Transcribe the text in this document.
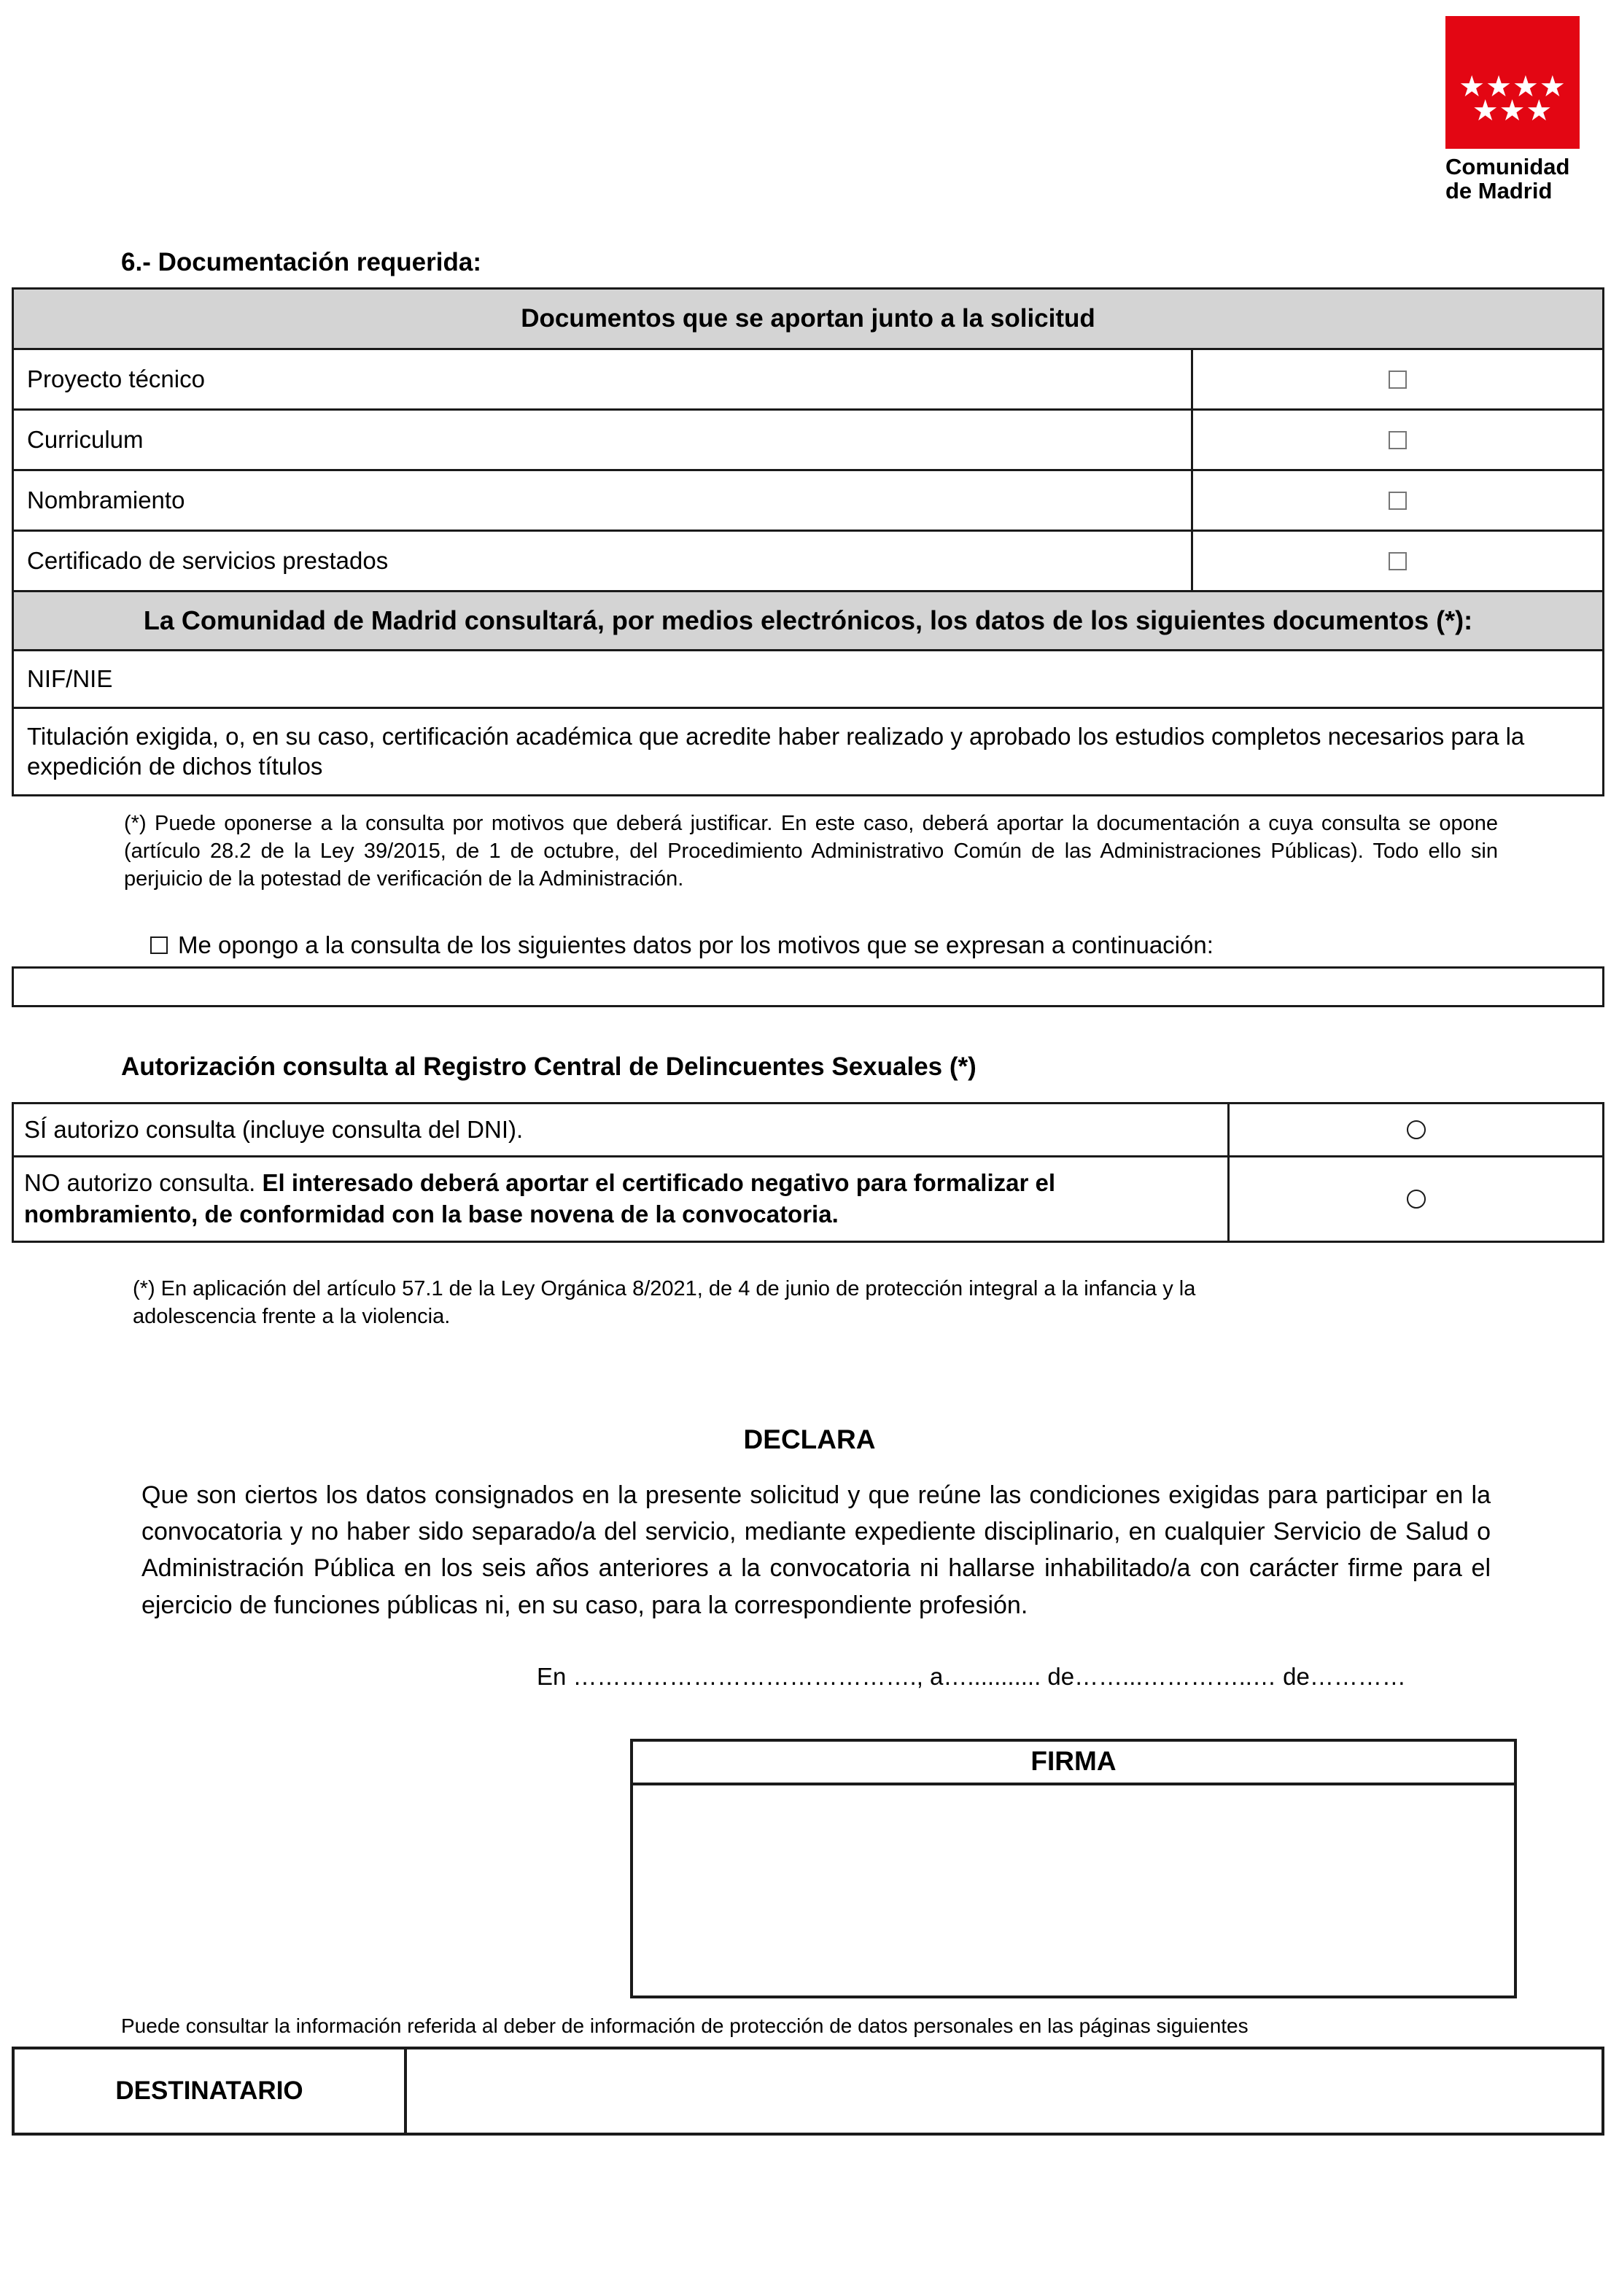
★★★★
★★★
Comunidad
de Madrid
6.- Documentación requerida:
Documentos que se aportan junto a la solicitud
Proyecto técnico
Curriculum
Nombramiento
Certificado de servicios prestados
La Comunidad de Madrid consultará, por medios electrónicos, los datos de los siguientes documentos (*):
NIF/NIE
Titulación exigida, o, en su caso, certificación académica que acredite haber realizado y aprobado los estudios completos necesarios para la expedición de dichos títulos
(*) Puede oponerse a la consulta por motivos que deberá justificar. En este caso, deberá aportar la documentación a cuya consulta se opone (artículo 28.2 de la Ley 39/2015, de 1 de octubre, del Procedimiento Administrativo Común de las Administraciones Públicas). Todo ello sin perjuicio de la potestad de verificación de la Administración.
Me opongo a la consulta de los siguientes datos por los motivos que se expresan a continuación:
Autorización consulta al Registro Central de Delincuentes Sexuales (*)
SÍ autorizo consulta (incluye consulta del DNI).
NO autorizo consulta. El interesado deberá aportar el certificado negativo para formalizar el nombramiento, de conformidad con la base novena de la convocatoria.
(*) En aplicación del artículo 57.1 de la Ley Orgánica 8/2021, de 4 de junio de protección integral a la infancia y la adolescencia frente a la violencia.
DECLARA
Que son ciertos los datos consignados en la presente solicitud y que reúne las condiciones exigidas para participar en la convocatoria y no haber sido separado/a del servicio, mediante expediente disciplinario, en cualquier Servicio de Salud o Administración Pública en los seis años anteriores a la convocatoria ni hallarse inhabilitado/a con carácter firme para el ejercicio de funciones públicas ni, en su caso, para la correspondiente profesión.
En ……………………………………., a…........... de……...…………..… de…………
FIRMA
Puede consultar la información referida al deber de información de protección de datos personales en las páginas siguientes
DESTINATARIO
